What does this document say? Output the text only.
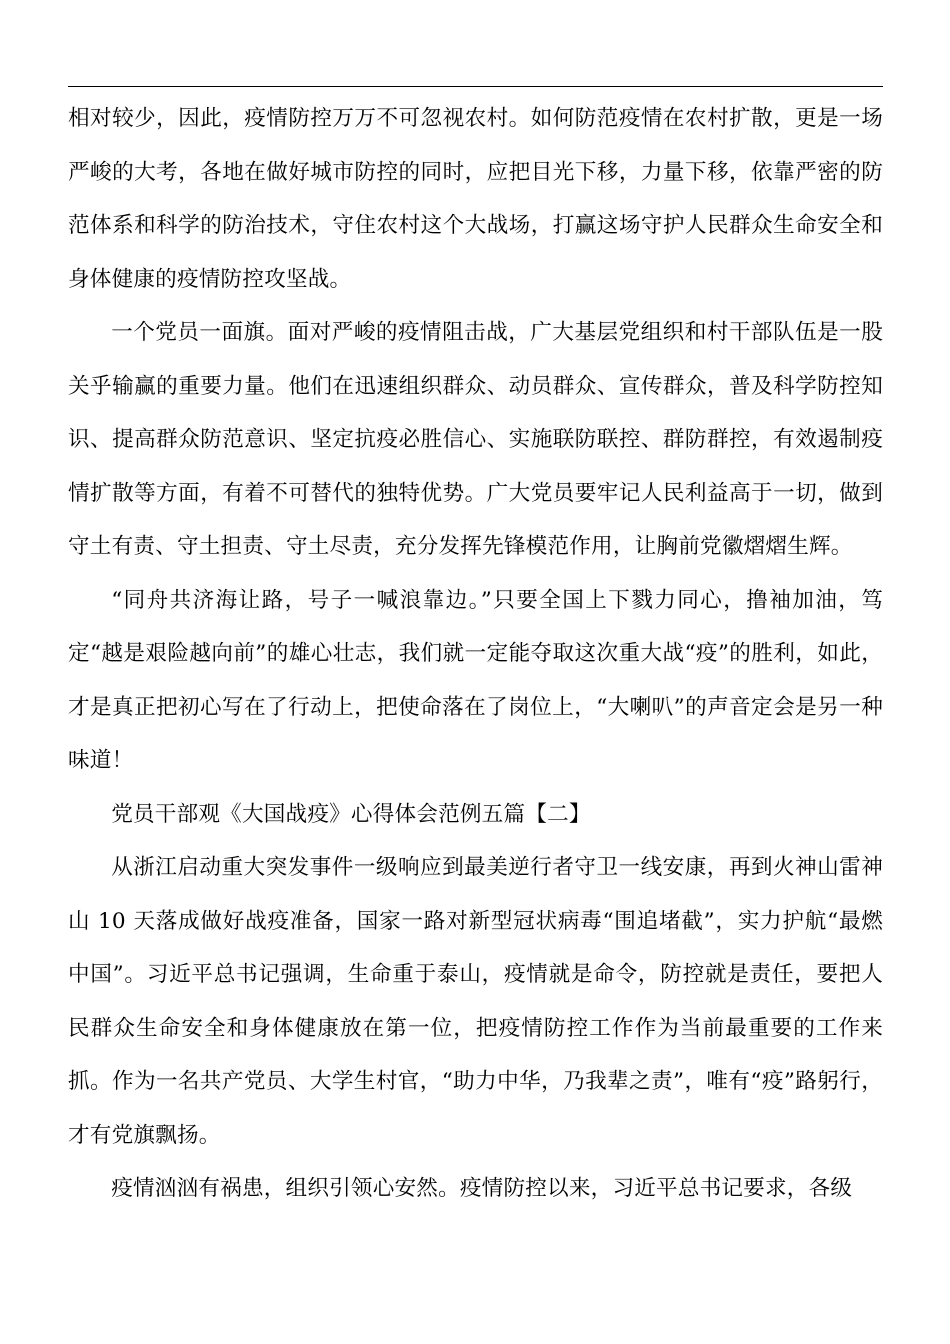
相对较少，因此，疫情防控万万不可忽视农村。如何防范疫情在农村扩散，更是一场严峻的大考，各地在做好城市防控的同时，应把目光下移，力量下移，依靠严密的防范体系和科学的防治技术，守住农村这个大战场，打赢这场守护人民群众生命安全和身体健康的疫情防控攻坚战。

一个党员一面旗。面对严峻的疫情阻击战，广大基层党组织和村干部队伍是一股关乎输赢的重要力量。他们在迅速组织群众、动员群众、宣传群众，普及科学防控知识、提高群众防范意识、坚定抗疫必胜信心、实施联防联控、群防群控，有效遏制疫情扩散等方面，有着不可替代的独特优势。广大党员要牢记人民利益高于一切，做到守土有责、守土担责、守土尽责，充分发挥先锋模范作用，让胸前党徽熠熠生辉。

“同舟共济海让路，号子一喊浪靠边。”只要全国上下戮力同心，撸袖加油，笃定“越是艰险越向前”的雄心壮志，我们就一定能夺取这次重大战“疫”的胜利，如此，才是真正把初心写在了行动上，把使命落在了岗位上，“大喇叭”的声音定会是另一种味道！

党员干部观《大国战疫》心得体会范例五篇【二】

从浙江启动重大突发事件一级响应到最美逆行者守卫一线安康，再到火神山雷神山 10 天落成做好战疫准备，国家一路对新型冠状病毒“围追堵截”，实力护航“最燃中国”。习近平总书记强调，生命重于泰山，疫情就是命令，防控就是责任，要把人民群众生命安全和身体健康放在第一位，把疫情防控工作作为当前最重要的工作来抓。作为一名共产党员、大学生村官，“助力中华，乃我辈之责”，唯有“疫”路躬行，才有党旗飘扬。

疫情汹汹有祸患，组织引领心安然。疫情防控以来，习近平总书记要求，各级
